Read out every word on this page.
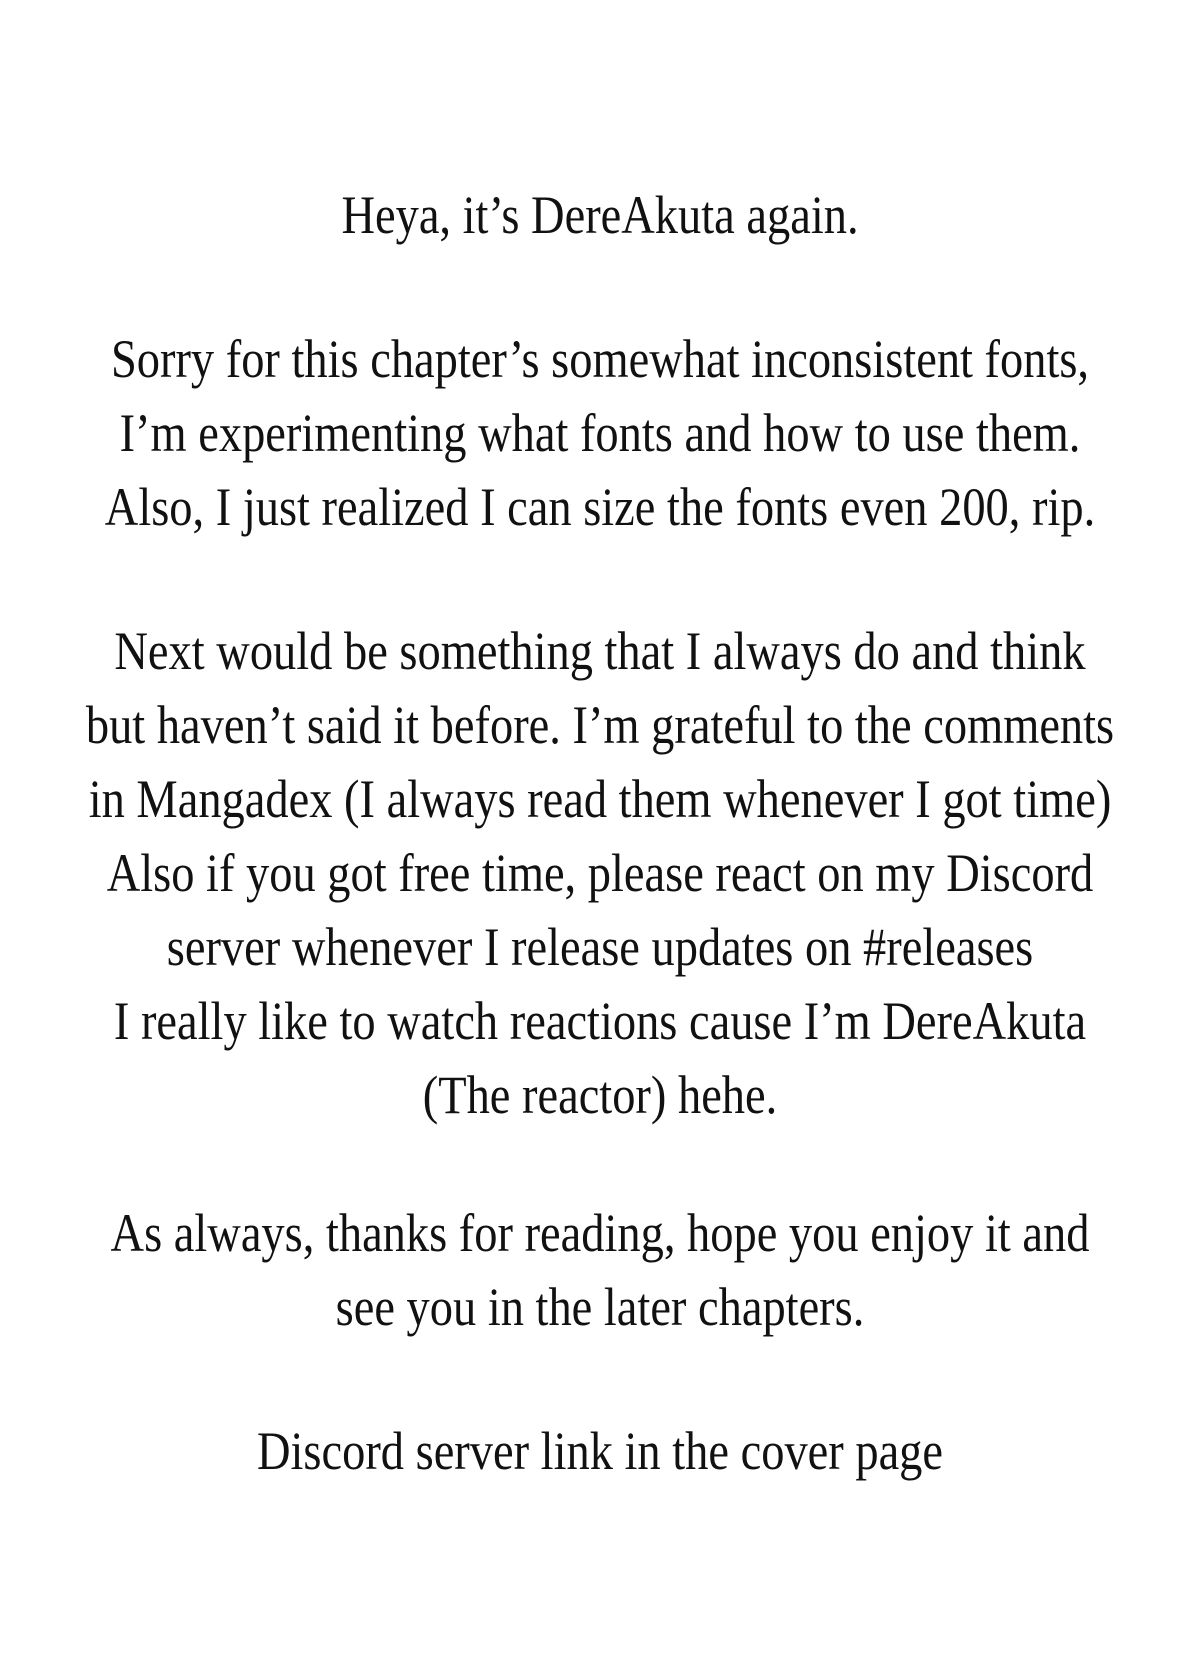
Heya, it’s DereAkuta again.
Sorry for this chapter’s somewhat inconsistent fonts,
I’m experimenting what fonts and how to use them.
Also, I just realized I can size the fonts even 200, rip.
Next would be something that I always do and think
but haven’t said it before. I’m grateful to the comments
in Mangadex (I always read them whenever I got time)
Also if you got free time, please react on my Discord
server whenever I release updates on #releases
I really like to watch reactions cause I’m DereAkuta
(The reactor) hehe.
As always, thanks for reading, hope you enjoy it and
see you in the later chapters.
Discord server link in the cover page
